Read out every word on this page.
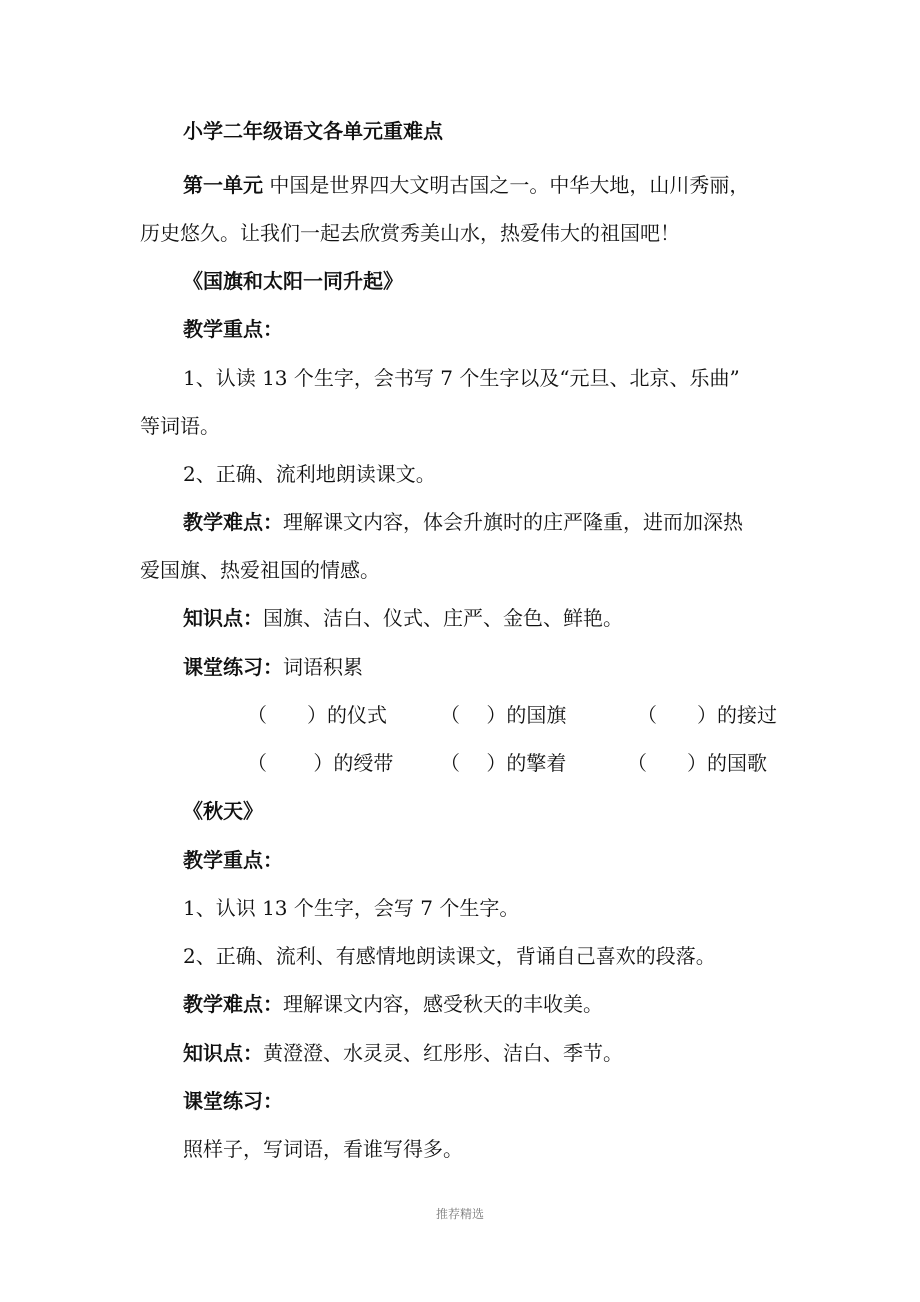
小学二年级语文各单元重难点
第一单元 中国是世界四大文明古国之一。中华大地，山川秀丽，
历史悠久。让我们一起去欣赏秀美山水，热爱伟大的祖国吧！
《国旗和太阳一同升起》
教学重点：
1、认读 13 个生字，会书写 7 个生字以及“元旦、北京、乐曲”
等词语。
2、正确、流利地朗读课文。
教学难点：理解课文内容，体会升旗时的庄严隆重，进而加深热
爱国旗、热爱祖国的情感。
知识点：国旗、洁白、仪式、庄严、金色、鲜艳。
课堂练习：词语积累
（　　）的仪式	（　 ）的国旗	（　　）的接过
（　　 ）的绶带 （　 ）的擎着	（　　）的国歌
《秋天》
教学重点：
1、认识 13 个生字，会写 7 个生字。
2、正确、流利、有感情地朗读课文，背诵自己喜欢的段落。
教学难点：理解课文内容，感受秋天的丰收美。
知识点：黄澄澄、水灵灵、红彤彤、洁白、季节。
课堂练习：
照样子，写词语，看谁写得多。
推荐精选
